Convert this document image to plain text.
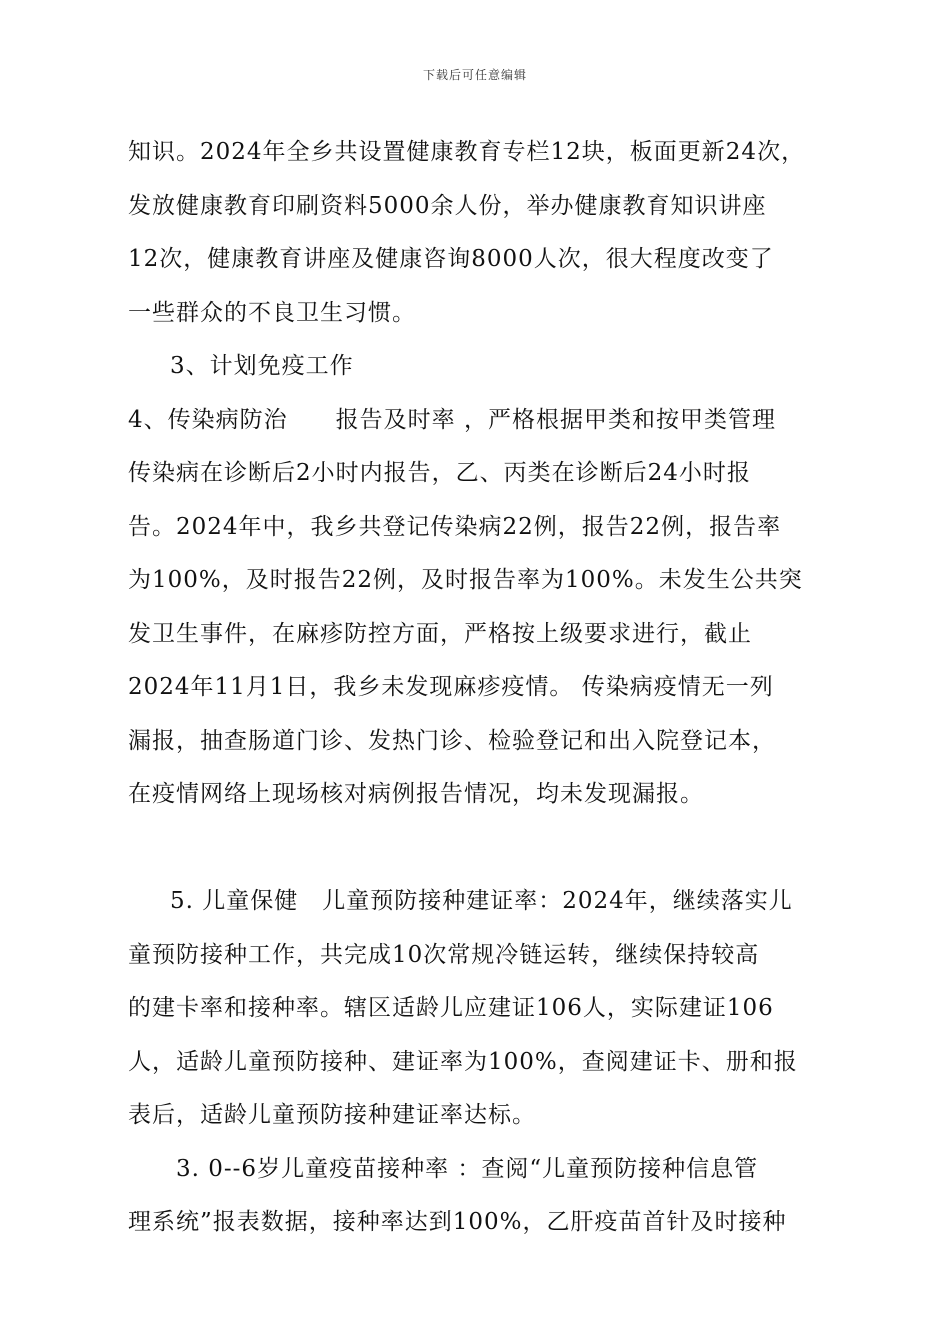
下载后可任意编辑
知识。2024年全乡共设置健康教育专栏12块，板面更新24次，
发放健康教育印刷资料5000余人份，举办健康教育知识讲座
12次，健康教育讲座及健康咨询8000人次，很大程度改变了
一些群众的不良卫生习惯。
3、计划免疫工作
4、传染病防治　　报告及时率 ，严格根据甲类和按甲类管理
传染病在诊断后2小时内报告，乙、丙类在诊断后24小时报
告。2024年中，我乡共登记传染病22例，报告22例，报告率
为100%，及时报告22例，及时报告率为100%。未发生公共突
发卫生事件，在麻疹防控方面，严格按上级要求进行，截止
2024年11月1日，我乡未发现麻疹疫情。 传染病疫情无一列
漏报，抽查肠道门诊、发热门诊、检验登记和出入院登记本，
在疫情网络上现场核对病例报告情况，均未发现漏报。
5. 儿童保健　儿童预防接种建证率：2024年，继续落实儿
童预防接种工作，共完成10次常规冷链运转，继续保持较高
的建卡率和接种率。辖区适龄儿应建证106人，实际建证106
人，适龄儿童预防接种、建证率为100%，查阅建证卡、册和报
表后，适龄儿童预防接种建证率达标。
3. 0--6岁儿童疫苗接种率 ：查阅“儿童预防接种信息管
理系统”报表数据，接种率达到100%，乙肝疫苗首针及时接种
